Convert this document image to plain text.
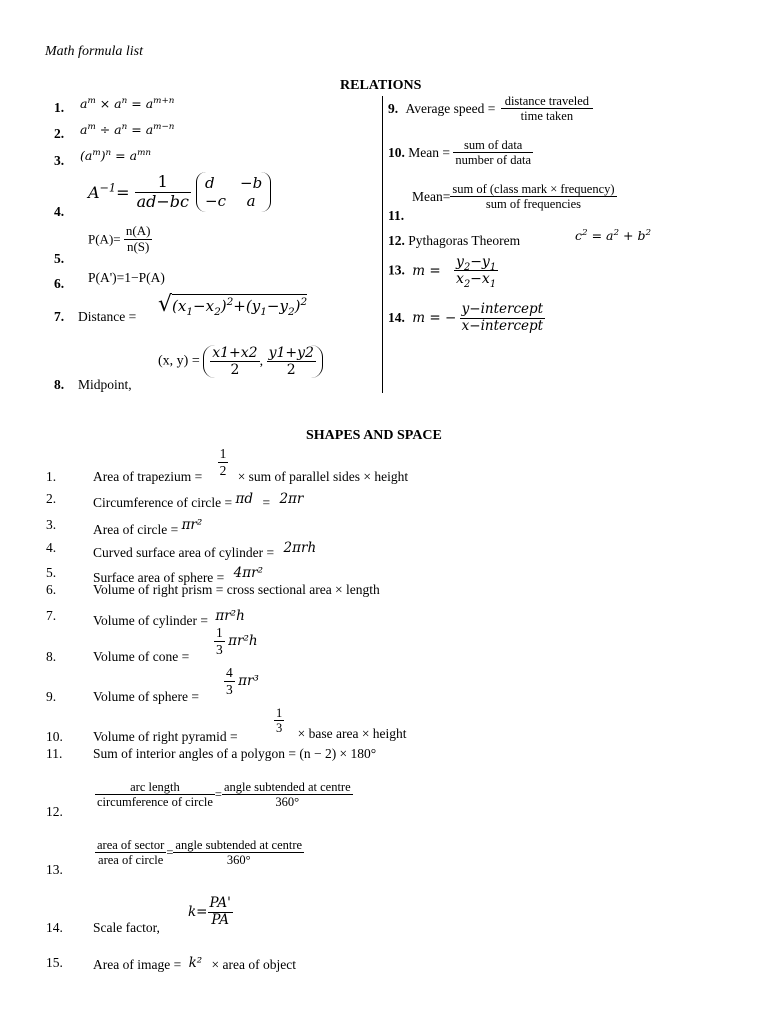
Math formula list
RELATIONS
1. $a^m \times a^n = a^{m+n}$
2. $a^m \div a^n = a^{m-n}$
3. $(a^m)^n = a^{mn}$
4.
$A^{-1}= \frac{1}{ad-bc}$
d	−b
−c	a
5.
$P(A)= \frac{n(A)}{n(S)}$
6. P(A')=1−P(A)
7. Distance = $√(x_1-x_2)^2+(y_1-y_2)^2$
8. Midpoint,
(x, $y) = \frac{x1+x2}{2}$ , $\frac{y1+y2}{2}$
9. Average speed = $\frac{\text{distance traveled}}{\text{time taken}}$
10. Mean = $\frac{\text{sum of data}}{\text{number of data}}$
Mean= $\frac{\text{sum of (class mark × frequency)}}{\text{sum of frequencies}}$
11.
12. Pythagoras Theorem	$c^2 = a^2 + b^2$
13. $m = \frac{y_2-y_1}{x_2-x_1}$
14. m = − $\frac{\text{y−intercept}}{\text{x−intercept}}$
SHAPES AND SPACE
1.	Area of trapezium = $\frac{1}{2}$ × sum of parallel sides × height
2.	Circumference of circle = πd = 2πr
3.	Area of circle = πr²
4.	Curved surface area of cylinder = 2πrh
5.	Surface area of sphere = 4πr²
6.	Volume of right prism = cross sectional area × length
7.	Volume of cylinder = πr²h
8.	Volume of cone = $\frac{1}{3} \pi r^2h$
9.	Volume of sphere = $\frac{4}{3} \pi r^3$
10. Volume of right pyramid =
$\frac{1}{3}$ × base area × height
11. Sum of interior angles of a polygon = (n − 2) × 180°
12.
$\frac{\text{arc length}}{\text{circumference of circle}} = \frac{\text{angle subtended at centre}}{360^\circ}$
13.
$\frac{\text{area of sector}}{\text{area of circle}} = \frac{\text{angle subtended at centre}}{360^\circ}$
14. Scale factor,
$k= \frac{PA'}{PA}$
15. Area of image = k² × area of object
